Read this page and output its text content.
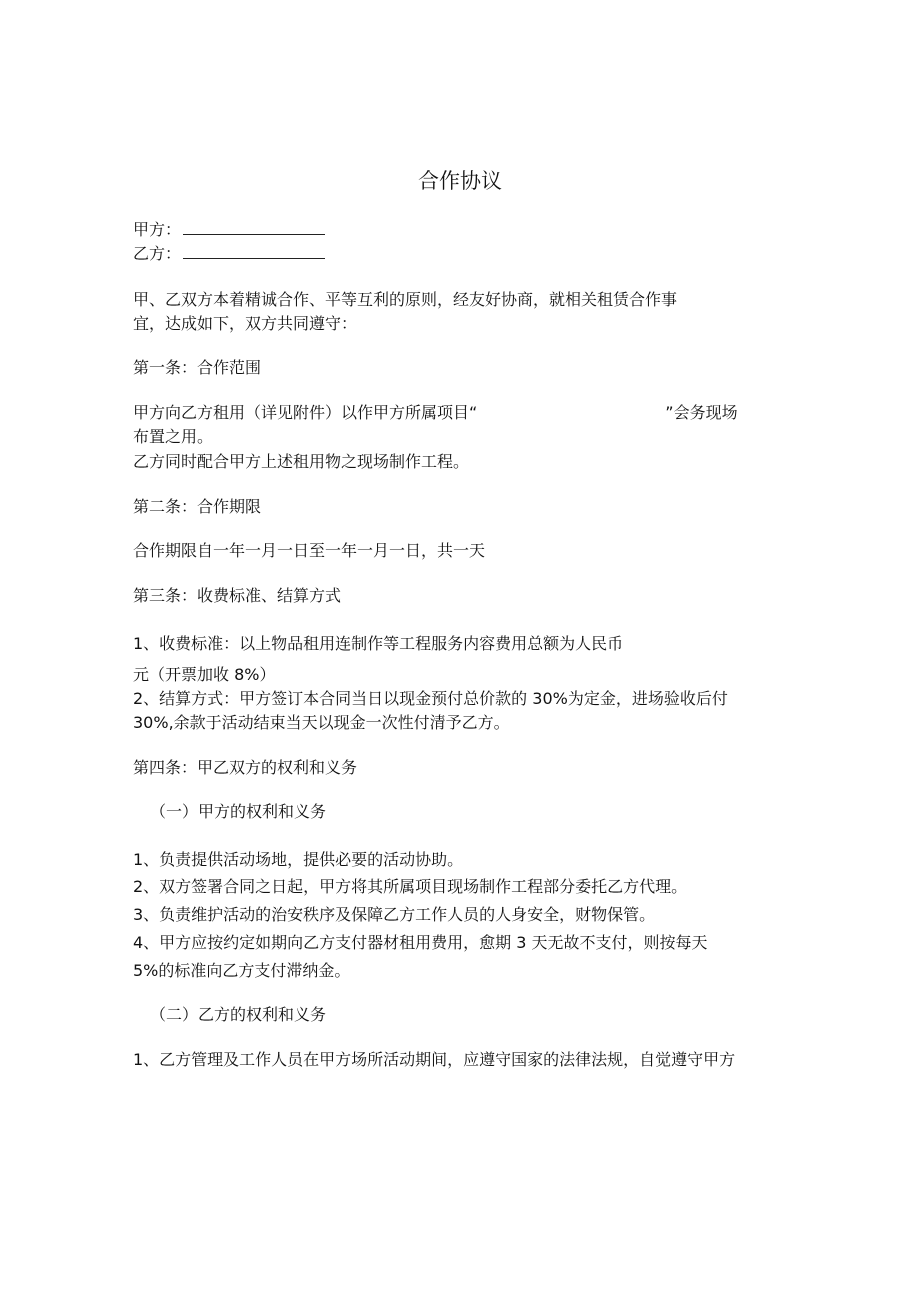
合作协议

甲方：

乙方：

甲、乙双方本着精诚合作、平等互利的原则，经友好协商，就相关租赁合作事

宜，达成如下，双方共同遵守：

第一条：合作范围

甲方向乙方租用（详见附件）以作甲方所属项目“	”会务现场

布置之用。

乙方同时配合甲方上述租用物之现场制作工程。

第二条：合作期限

合作期限自一年一月一日至一年一月一日，共一天

第三条：收费标准、结算方式

1、收费标准：以上物品租用连制作等工程服务内容费用总额为人民币

元（开票加收 8%）

2、结算方式：甲方签订本合同当日以现金预付总价款的 30%为定金，进场验收后付

30%,余款于活动结束当天以现金一次性付清予乙方。

第四条：甲乙双方的权利和义务

（一）甲方的权利和义务

1、负责提供活动场地，提供必要的活动协助。

2、双方签署合同之日起，甲方将其所属项目现场制作工程部分委托乙方代理。

3、负责维护活动的治安秩序及保障乙方工作人员的人身安全，财物保管。

4、甲方应按约定如期向乙方支付器材租用费用，愈期 3 天无故不支付，则按每天

5%的标准向乙方支付滞纳金。

（二）乙方的权利和义务

1、乙方管理及工作人员在甲方场所活动期间，应遵守国家的法律法规，自觉遵守甲方
